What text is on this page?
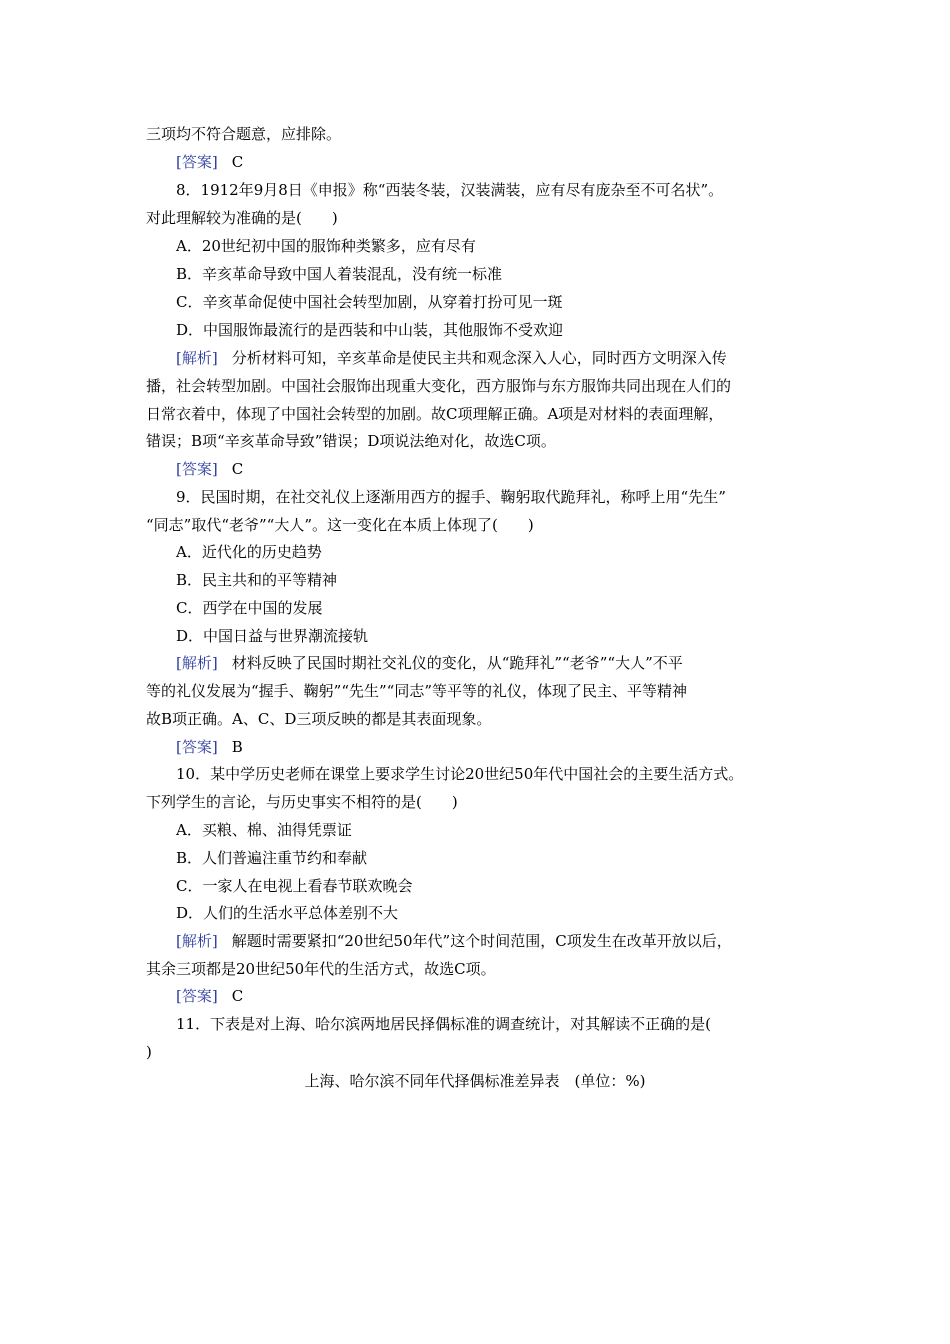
三项均不符合题意，应排除。
[答案] C
8．1912年9月8日《申报》称“西装冬装，汉装满装，应有尽有庞杂至不可名状”。
对此理解较为准确的是(　　)
A．20世纪初中国的服饰种类繁多，应有尽有
B．辛亥革命导致中国人着装混乱，没有统一标准
C．辛亥革命促使中国社会转型加剧，从穿着打扮可见一斑
D．中国服饰最流行的是西装和中山装，其他服饰不受欢迎
[解析] 分析材料可知，辛亥革命是使民主共和观念深入人心，同时西方文明深入传
播，社会转型加剧。中国社会服饰出现重大变化，西方服饰与东方服饰共同出现在人们的
日常衣着中，体现了中国社会转型的加剧。故C项理解正确。A项是对材料的表面理解，
错误；B项“辛亥革命导致”错误；D项说法绝对化，故选C项。
[答案] C
9．民国时期，在社交礼仪上逐渐用西方的握手、鞠躬取代跪拜礼，称呼上用“先生”
“同志”取代“老爷”“大人”。这一变化在本质上体现了(　　)
A．近代化的历史趋势
B．民主共和的平等精神
C．西学在中国的发展
D．中国日益与世界潮流接轨
[解析] 材料反映了民国时期社交礼仪的变化，从“跪拜礼”“老爷”“大人”不平
等的礼仪发展为“握手、鞠躬”“先生”“同志”等平等的礼仪，体现了民主、平等精神
故B项正确。A、C、D三项反映的都是其表面现象。
[答案] B
10．某中学历史老师在课堂上要求学生讨论20世纪50年代中国社会的主要生活方式。
下列学生的言论，与历史事实不相符的是(　　)
A．买粮、棉、油得凭票证
B．人们普遍注重节约和奉献
C．一家人在电视上看春节联欢晚会
D．人们的生活水平总体差别不大
[解析] 解题时需要紧扣“20世纪50年代”这个时间范围，C项发生在改革开放以后，
其余三项都是20世纪50年代的生活方式，故选C项。
[答案] C
11．下表是对上海、哈尔滨两地居民择偶标准的调查统计，对其解读不正确的是(
)
上海、哈尔滨不同年代择偶标准差异表　(单位：%)
